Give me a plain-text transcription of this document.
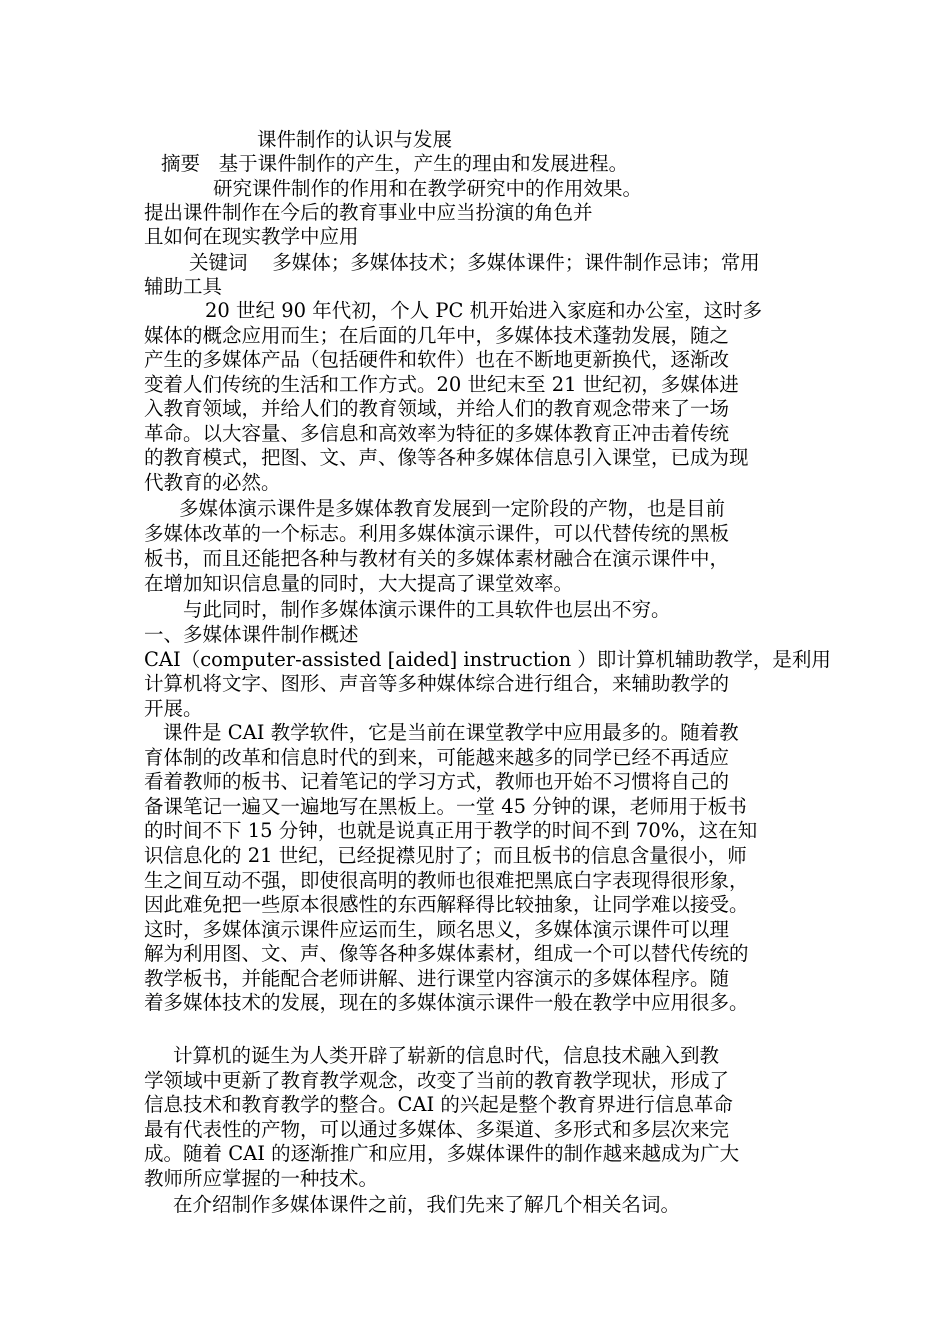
课件制作的认识与发展

摘要   基于课件制作的产生，产生的理由和发展进程。

研究课件制作的作用和在教学研究中的作用效果。

提出课件制作在今后的教育事业中应当扮演的角色并

且如何在现实教学中应用

关键词    多媒体；多媒体技术；多媒体课件；课件制作忌讳；常用

辅助工具

20 世纪 90 年代初，个人 PC 机开始进入家庭和办公室，这时多

媒体的概念应用而生；在后面的几年中，多媒体技术蓬勃发展，随之

产生的多媒体产品（包括硬件和软件）也在不断地更新换代，逐渐改

变着人们传统的生活和工作方式。20 世纪末至 21 世纪初，多媒体进

入教育领域，并给人们的教育领域，并给人们的教育观念带来了一场

革命。以大容量、多信息和高效率为特征的多媒体教育正冲击着传统

的教育模式，把图、文、声、像等各种多媒体信息引入课堂，已成为现

代教育的必然。

多媒体演示课件是多媒体教育发展到一定阶段的产物，也是目前

多媒体改革的一个标志。利用多媒体演示课件，可以代替传统的黑板

板书，而且还能把各种与教材有关的多媒体素材融合在演示课件中，

在增加知识信息量的同时，大大提高了课堂效率。

与此同时，制作多媒体演示课件的工具软件也层出不穷。

一、多媒体课件制作概述

CAI（computer-assisted [aided] instruction ）即计算机辅助教学，是利用

计算机将文字、图形、声音等多种媒体综合进行组合，来辅助教学的

开展。

课件是 CAI 教学软件，它是当前在课堂教学中应用最多的。随着教

育体制的改革和信息时代的到来，可能越来越多的同学已经不再适应

看着教师的板书、记着笔记的学习方式，教师也开始不习惯将自己的

备课笔记一遍又一遍地写在黑板上。一堂 45 分钟的课，老师用于板书

的时间不下 15 分钟，也就是说真正用于教学的时间不到 70%，这在知

识信息化的 21 世纪，已经捉襟见肘了；而且板书的信息含量很小，师

生之间互动不强，即使很高明的教师也很难把黑底白字表现得很形象，

因此难免把一些原本很感性的东西解释得比较抽象，让同学难以接受。

这时，多媒体演示课件应运而生，顾名思义，多媒体演示课件可以理

解为利用图、文、声、像等各种多媒体素材，组成一个可以替代传统的

教学板书，并能配合老师讲解、进行课堂内容演示的多媒体程序。随

着多媒体技术的发展，现在的多媒体演示课件一般在教学中应用很多。

计算机的诞生为人类开辟了崭新的信息时代，信息技术融入到教

学领域中更新了教育教学观念，改变了当前的教育教学现状，形成了

信息技术和教育教学的整合。CAI 的兴起是整个教育界进行信息革命

最有代表性的产物，可以通过多媒体、多渠道、多形式和多层次来完

成。随着 CAI 的逐渐推广和应用，多媒体课件的制作越来越成为广大

教师所应掌握的一种技术。

在介绍制作多媒体课件之前，我们先来了解几个相关名词。
